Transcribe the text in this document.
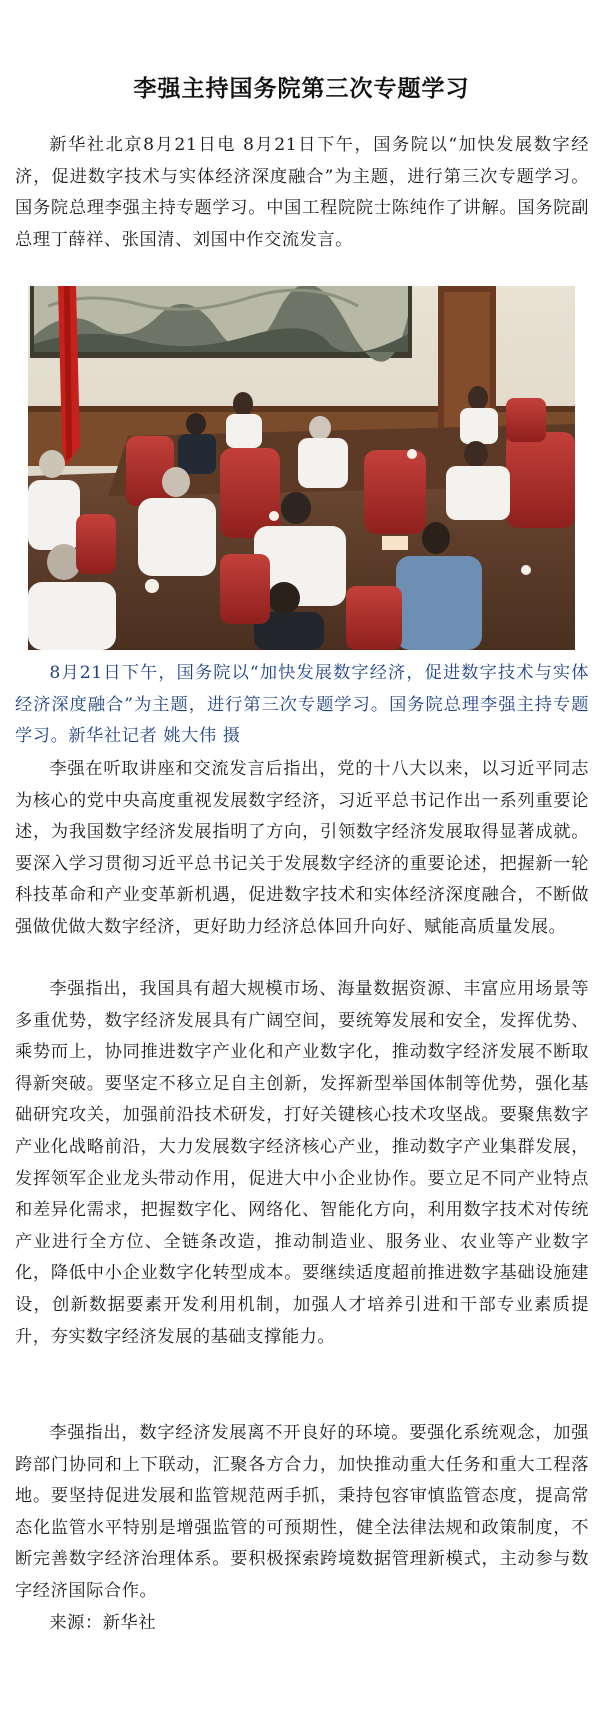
李强主持国务院第三次专题学习

新华社北京8月21日电 8月21日下午，国务院以“加快发展数字经济，促进数字技术与实体经济深度融合”为主题，进行第三次专题学习。国务院总理李强主持专题学习。中国工程院院士陈纯作了讲解。国务院副总理丁薛祥、张国清、刘国中作交流发言。

8月21日下午，国务院以“加快发展数字经济，促进数字技术与实体经济深度融合”为主题，进行第三次专题学习。国务院总理李强主持专题学习。新华社记者 姚大伟 摄

李强在听取讲座和交流发言后指出，党的十八大以来，以习近平同志为核心的党中央高度重视发展数字经济，习近平总书记作出一系列重要论述，为我国数字经济发展指明了方向，引领数字经济发展取得显著成就。要深入学习贯彻习近平总书记关于发展数字经济的重要论述，把握新一轮科技革命和产业变革新机遇，促进数字技术和实体经济深度融合，不断做强做优做大数字经济，更好助力经济总体回升向好、赋能高质量发展。

李强指出，我国具有超大规模市场、海量数据资源、丰富应用场景等多重优势，数字经济发展具有广阔空间，要统筹发展和安全，发挥优势、乘势而上，协同推进数字产业化和产业数字化，推动数字经济发展不断取得新突破。要坚定不移立足自主创新，发挥新型举国体制等优势，强化基础研究攻关，加强前沿技术研发，打好关键核心技术攻坚战。要聚焦数字产业化战略前沿，大力发展数字经济核心产业，推动数字产业集群发展，发挥领军企业龙头带动作用，促进大中小企业协作。要立足不同产业特点和差异化需求，把握数字化、网络化、智能化方向，利用数字技术对传统产业进行全方位、全链条改造，推动制造业、服务业、农业等产业数字化，降低中小企业数字化转型成本。要继续适度超前推进数字基础设施建设，创新数据要素开发利用机制，加强人才培养引进和干部专业素质提升，夯实数字经济发展的基础支撑能力。

李强指出，数字经济发展离不开良好的环境。要强化系统观念，加强跨部门协同和上下联动，汇聚各方合力，加快推动重大任务和重大工程落地。要坚持促进发展和监管规范两手抓，秉持包容审慎监管态度，提高常态化监管水平特别是增强监管的可预期性，健全法律法规和政策制度，不断完善数字经济治理体系。要积极探索跨境数据管理新模式，主动参与数字经济国际合作。

来源：新华社
